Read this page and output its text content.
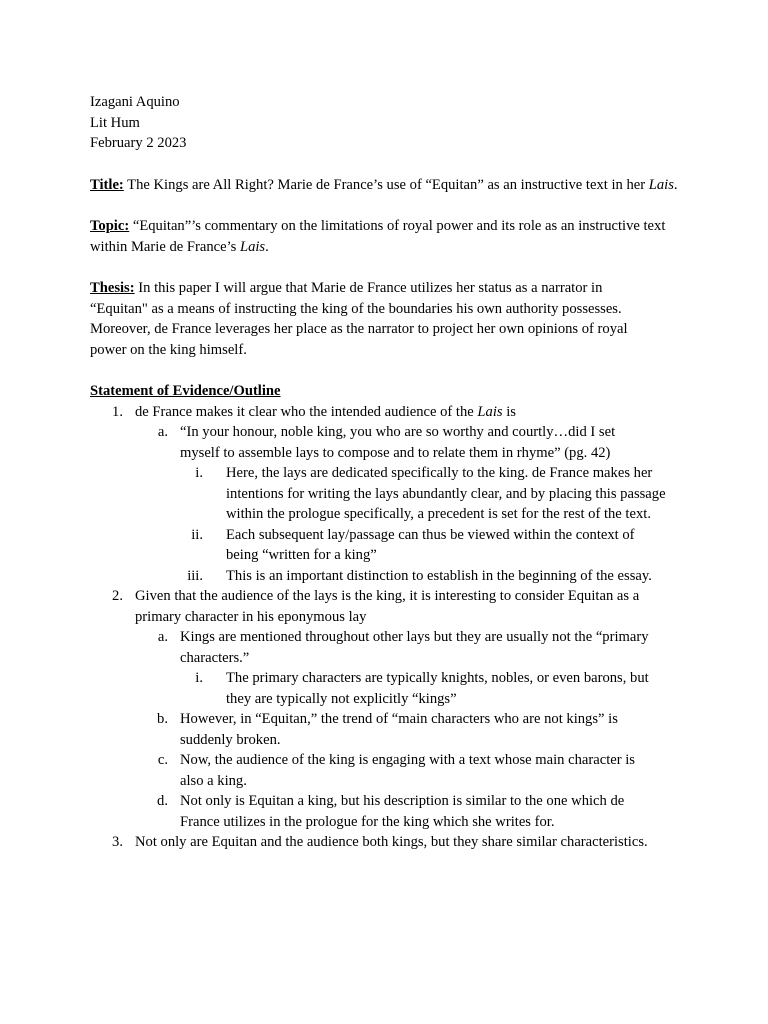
Izagani Aquino
Lit Hum
February 2 2023
Title: The Kings are All Right? Marie de France’s use of “Equitan” as an instructive text in her Lais.
Topic: “Equitan”’s commentary on the limitations of royal power and its role as an instructive text within Marie de France’s Lais.
Thesis: In this paper I will argue that Marie de France utilizes her status as a narrator in “Equitan" as a means of instructing the king of the boundaries his own authority possesses. Moreover, de France leverages her place as the narrator to project her own opinions of royal power on the king himself.
Statement of Evidence/Outline
1. de France makes it clear who the intended audience of the Lais is
a. “In your honour, noble king, you who are so worthy and courtly…did I set myself to assemble lays to compose and to relate them in rhyme” (pg. 42)
i.	Here, the lays are dedicated specifically to the king. de France makes her intentions for writing the lays abundantly clear, and by placing this passage within the prologue specifically, a precedent is set for the rest of the text.
ii.	Each subsequent lay/passage can thus be viewed within the context of being “written for a king”
iii.	This is an important distinction to establish in the beginning of the essay.
2. Given that the audience of the lays is the king, it is interesting to consider Equitan as a primary character in his eponymous lay
a. Kings are mentioned throughout other lays but they are usually not the “primary characters.”
i.	The primary characters are typically knights, nobles, or even barons, but they are typically not explicitly “kings”
b. However, in “Equitan,” the trend of “main characters who are not kings” is suddenly broken.
c. Now, the audience of the king is engaging with a text whose main character is also a king.
d. Not only is Equitan a king, but his description is similar to the one which de France utilizes in the prologue for the king which she writes for.
3. Not only are Equitan and the audience both kings, but they share similar characteristics.
